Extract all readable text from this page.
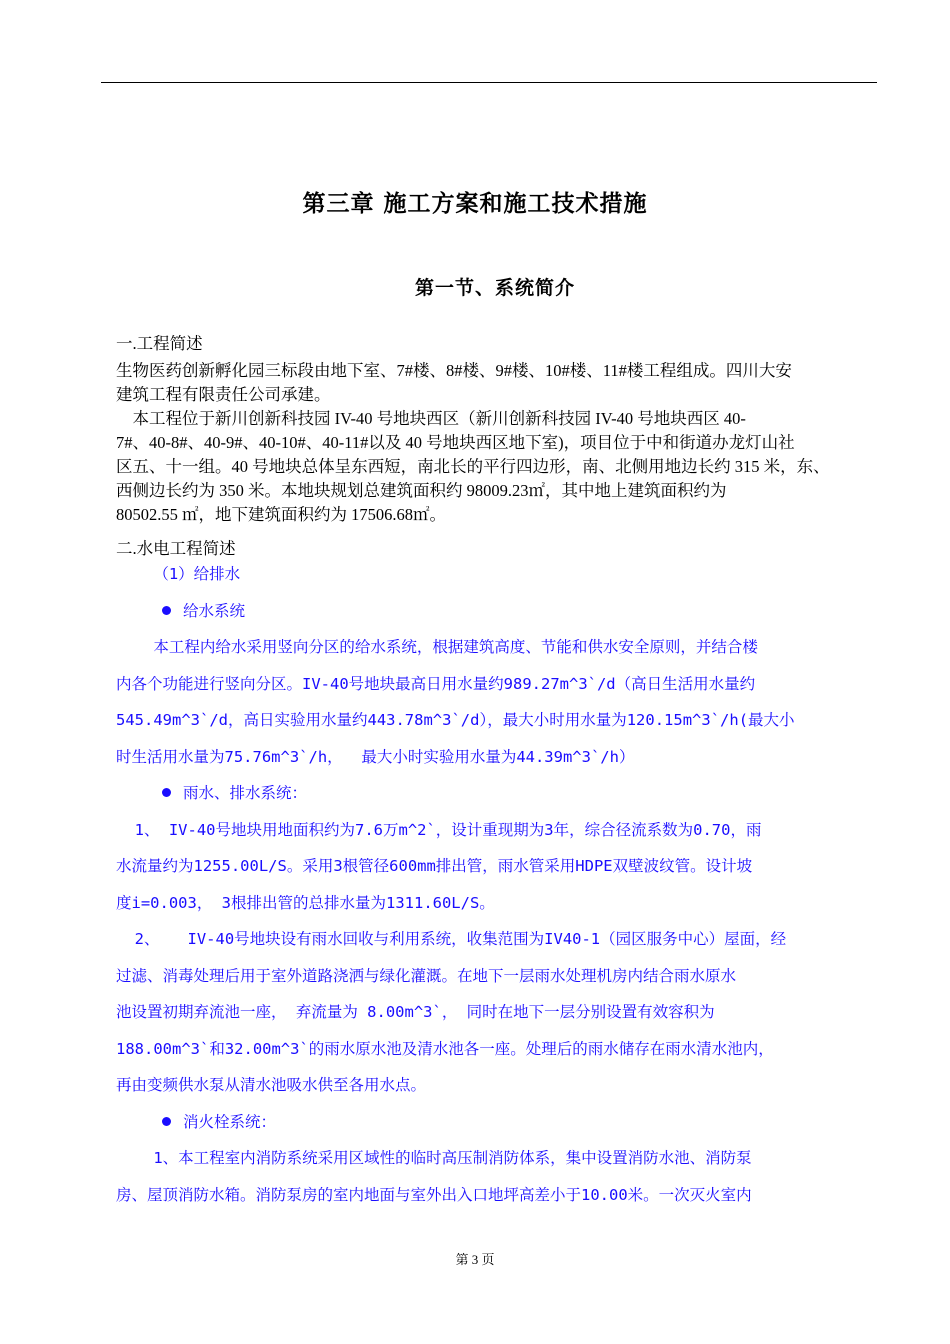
第三章 施工方案和施工技术措施
第一节、系统简介
一.工程简述

生物医药创新孵化园三标段由地下室、7#楼、8#楼、9#楼、10#楼、11#楼工程组成。四川大安

建筑工程有限责任公司承建。

本工程位于新川创新科技园 IV-40 号地块西区（新川创新科技园 IV-40 号地块西区 40-

7#、40-8#、40-9#、40-10#、40-11#以及 40 号地块西区地下室)，项目位于中和街道办龙灯山社

区五、十一组。40 号地块总体呈东西短，南北长的平行四边形，南、北侧用地边长约 315 米，东、

西侧边长约为 350 米。本地块规划总建筑面积约 98009.23㎡，其中地上建筑面积约为

80502.55 ㎡，地下建筑面积约为 17506.68㎡。

二.水电工程简述
（1）给排水
给水系统
本工程内给水采用竖向分区的给水系统，根据建筑高度、节能和供水安全原则，并结合楼
内各个功能进行竖向分区。IV-40号地块最高日用水量约989.27m^3`/d（高日生活用水量约
545.49m^3`/d，高日实验用水量约443.78m^3`/d），最大小时用水量为120.15m^3`/h(最大小
时生活用水量为75.76m^3`/h，  最大小时实验用水量为44.39m^3`/h）
雨水、排水系统：
1、 IV-40号地块用地面积约为7.6万m^2`，设计重现期为3年，综合径流系数为0.70，雨
水流量约为1255.00L/S。采用3根管径600mm排出管，雨水管采用HDPE双壁波纹管。设计坡
度i=0.003， 3根排出管的总排水量为1311.60L/S。
2、   IV-40号地块设有雨水回收与利用系统，收集范围为IV40-1（园区服务中心）屋面，经
过滤、消毒处理后用于室外道路浇洒与绿化灌溉。在地下一层雨水处理机房内结合雨水原水
池设置初期弃流池一座， 弃流量为 8.00m^3`， 同时在地下一层分别设置有效容积为
188.00m^3`和32.00m^3`的雨水原水池及清水池各一座。处理后的雨水储存在雨水清水池内，
再由变频供水泵从清水池吸水供至各用水点。
消火栓系统：
1、本工程室内消防系统采用区域性的临时高压制消防体系，集中设置消防水池、消防泵
房、屋顶消防水箱。消防泵房的室内地面与室外出入口地坪高差小于10.00米。一次灭火室内
第 3 页
